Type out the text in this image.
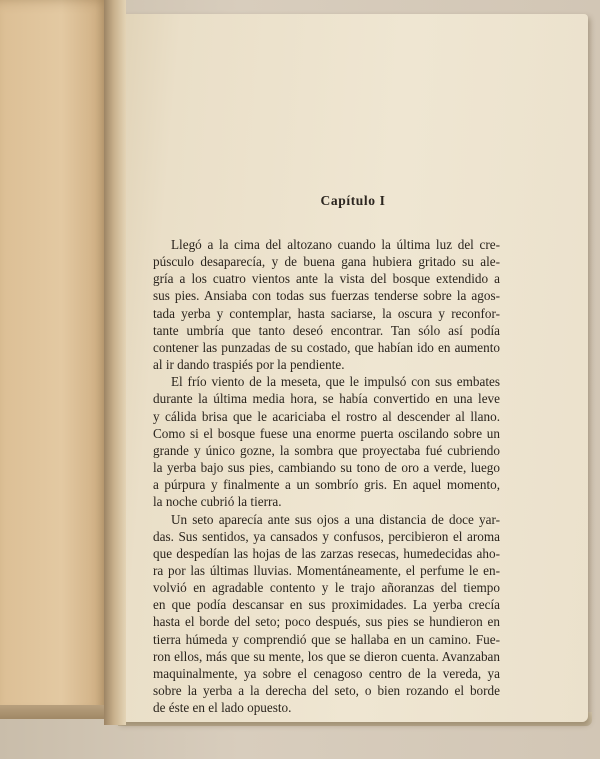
Capítulo I

Llegó a la cima del altozano cuando la última luz del cre-
púsculo desaparecía, y de buena gana hubiera gritado su ale-
gría a los cuatro vientos ante la vista del bosque extendido a
sus pies. Ansiaba con todas sus fuerzas tenderse sobre la agos-
tada yerba y contemplar, hasta saciarse, la oscura y reconfor-
tante umbría que tanto deseó encontrar. Tan sólo así podía
contener las punzadas de su costado, que habían ido en aumento
al ir dando traspiés por la pendiente.

El frío viento de la meseta, que le impulsó con sus embates
durante la última media hora, se había convertido en una leve
y cálida brisa que le acariciaba el rostro al descender al llano.
Como si el bosque fuese una enorme puerta oscilando sobre un
grande y único gozne, la sombra que proyectaba fué cubriendo
la yerba bajo sus pies, cambiando su tono de oro a verde, luego
a púrpura y finalmente a un sombrío gris. En aquel momento,
la noche cubrió la tierra.

Un seto aparecía ante sus ojos a una distancia de doce yar-
das. Sus sentidos, ya cansados y confusos, percibieron el aroma
que despedían las hojas de las zarzas resecas, humedecidas aho-
ra por las últimas lluvias. Momentáneamente, el perfume le en-
volvió en agradable contento y le trajo añoranzas del tiempo
en que podía descansar en sus proximidades. La yerba crecía
hasta el borde del seto; poco después, sus pies se hundieron en
tierra húmeda y comprendió que se hallaba en un camino. Fue-
ron ellos, más que su mente, los que se dieron cuenta. Avanzaban
maquinalmente, ya sobre el cenagoso centro de la vereda, ya
sobre la yerba a la derecha del seto, o bien rozando el borde
de éste en el lado opuesto.
